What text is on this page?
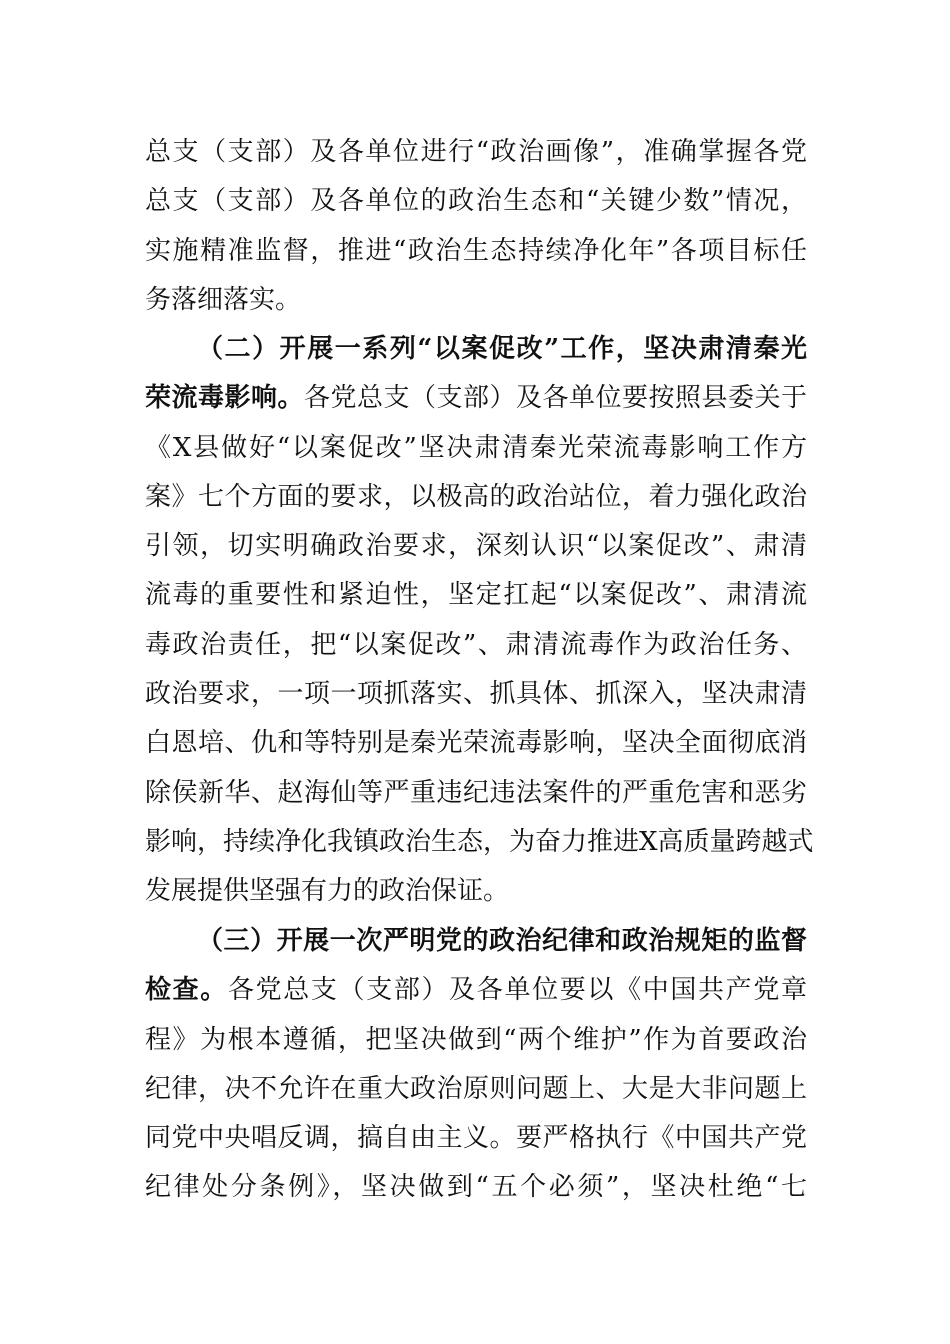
总支（支部）及各单位进行“政治画像”，准确掌握各党
总支（支部）及各单位的政治生态和“关键少数”情况，
实施精准监督，推进“政治生态持续净化年”各项目标任
务落细落实。
（二）开展一系列“以案促改”工作，坚决肃清秦光
荣流毒影响。各党总支（支部）及各单位要按照县委关于
《X县做好“以案促改”坚决肃清秦光荣流毒影响工作方
案》七个方面的要求，以极高的政治站位，着力强化政治
引领，切实明确政治要求，深刻认识“以案促改”、肃清
流毒的重要性和紧迫性，坚定扛起“以案促改”、肃清流
毒政治责任，把“以案促改”、肃清流毒作为政治任务、
政治要求，一项一项抓落实、抓具体、抓深入，坚决肃清
白恩培、仇和等特别是秦光荣流毒影响，坚决全面彻底消
除侯新华、赵海仙等严重违纪违法案件的严重危害和恶劣
影响，持续净化我镇政治生态，为奋力推进X高质量跨越式
发展提供坚强有力的政治保证。
（三）开展一次严明党的政治纪律和政治规矩的监督
检查。各党总支（支部）及各单位要以《中国共产党章
程》为根本遵循，把坚决做到“两个维护”作为首要政治
纪律，决不允许在重大政治原则问题上、大是大非问题上
同党中央唱反调，搞自由主义。要严格执行《中国共产党
纪律处分条例》，坚决做到“五个必须”，坚决杜绝“七
